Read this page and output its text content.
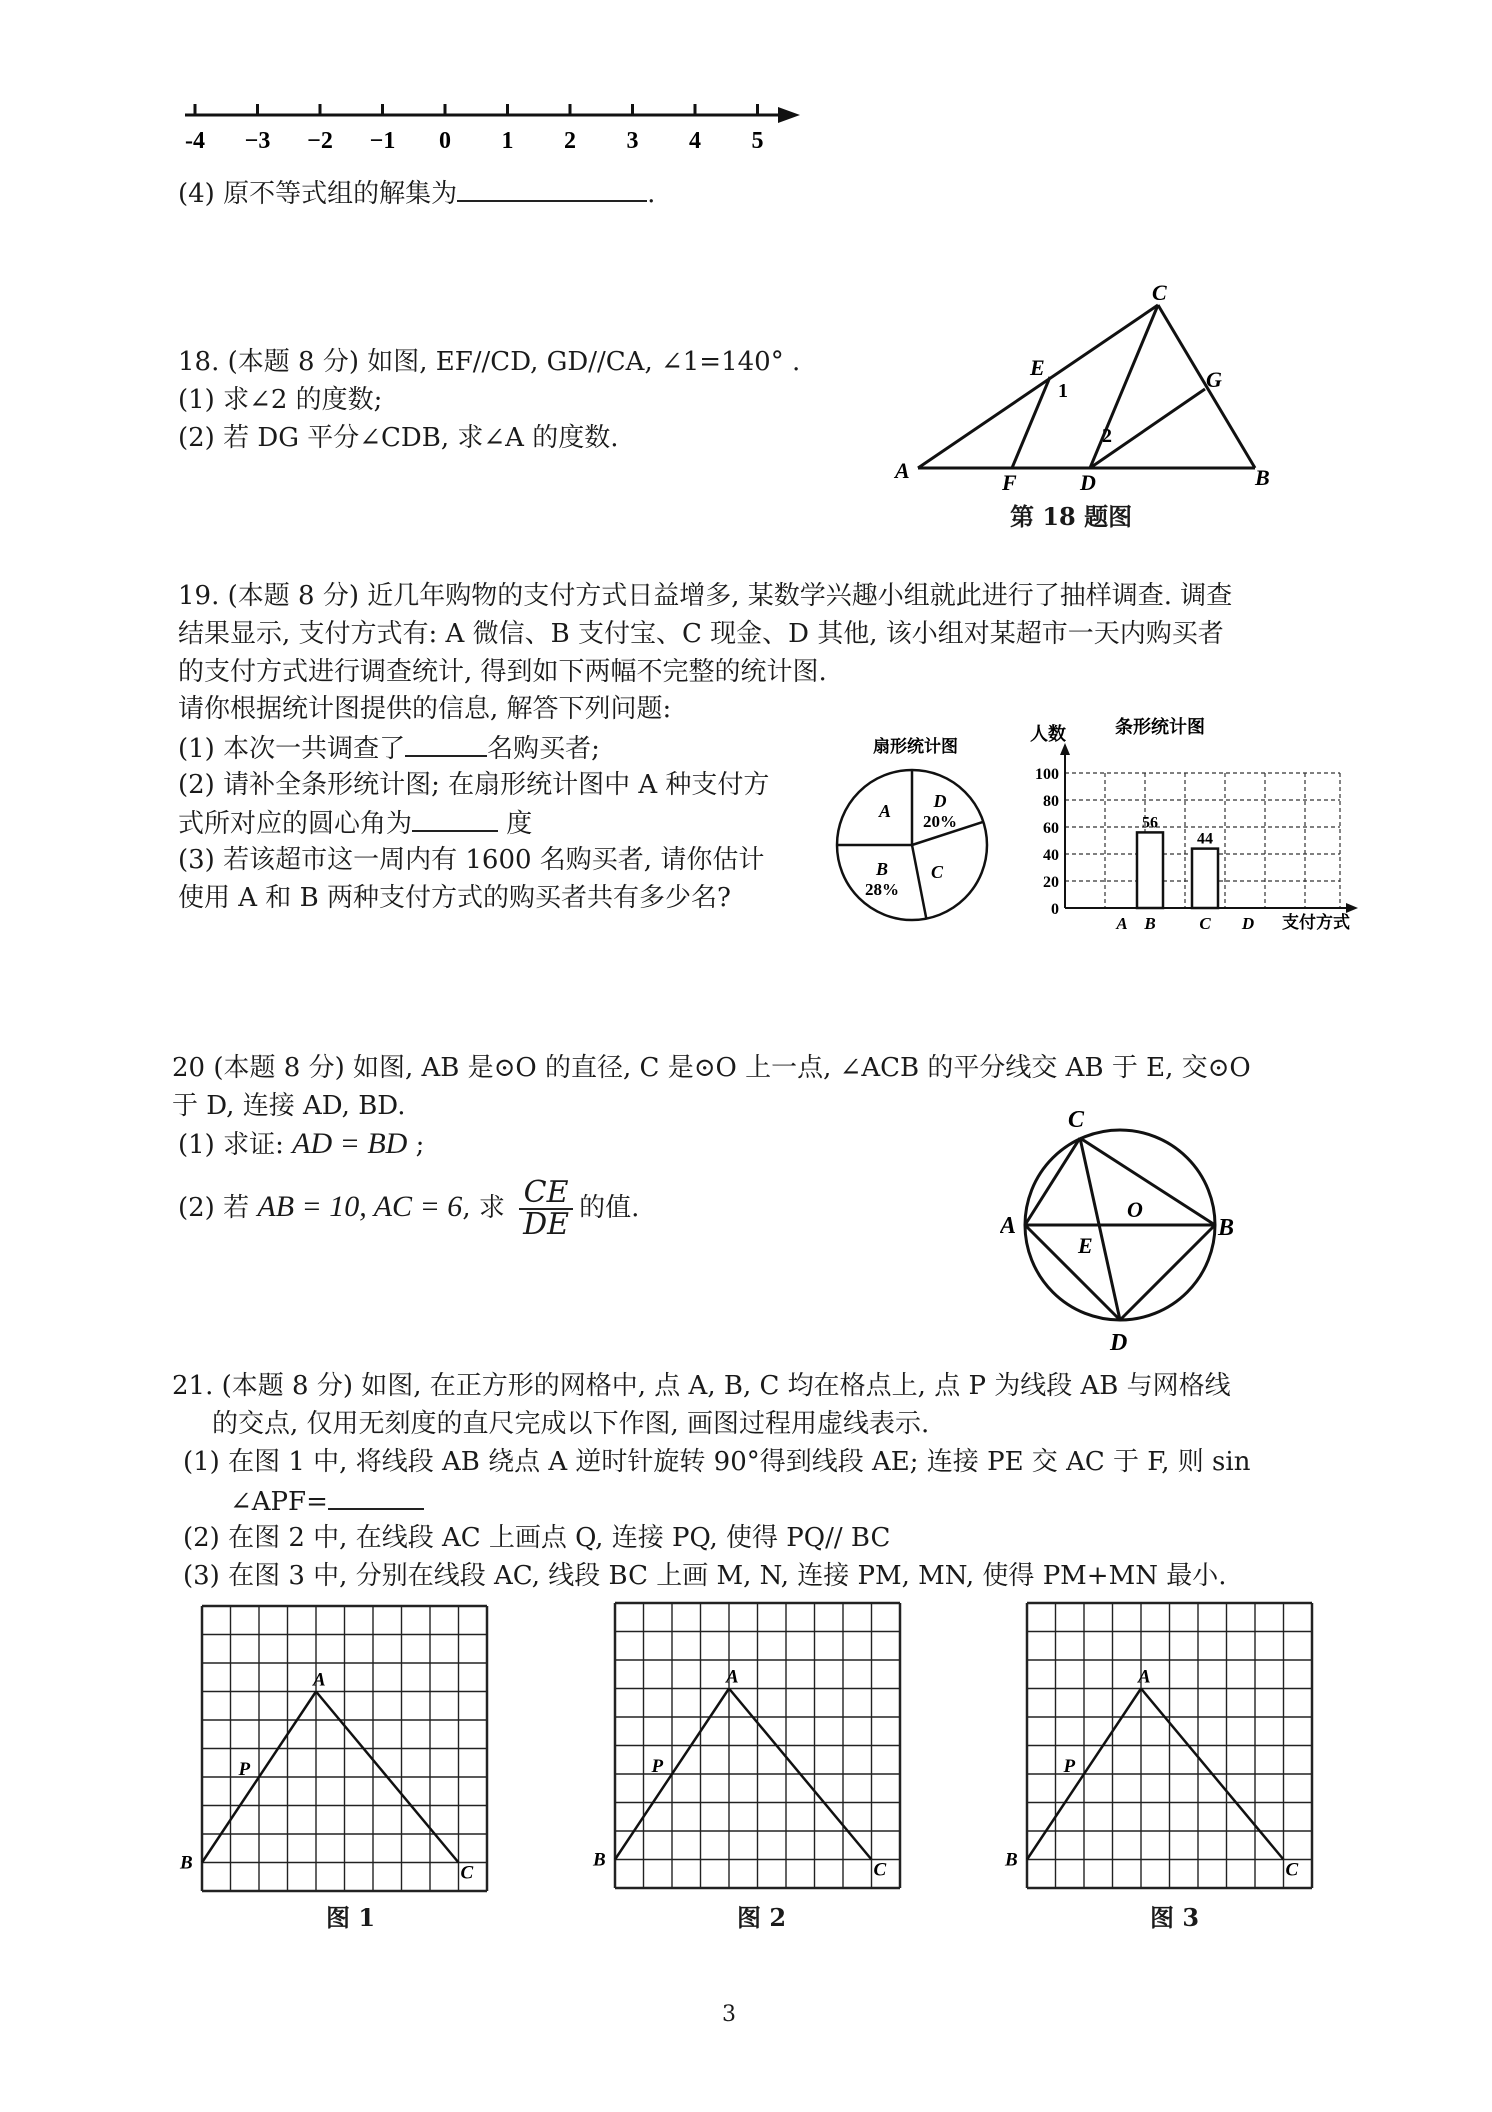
-4 −3 −2 −1 0 1 2 3 4 5
(4) 原不等式组的解集为	.
18. (本题 8 分) 如图, EF//CD, GD//CA, ∠1=140° .
(1) 求∠2 的度数;
(2) 若 DG 平分∠CDB, 求∠A 的度数.
A	B
C
D
E
F
G
1
2
第 18 题图
19. (本题 8 分) 近几年购物的支付方式日益增多, 某数学兴趣小组就此进行了抽样调查. 调查
结果显示, 支付方式有: A 微信、B 支付宝、C 现金、D 其他, 该小组对某超市一天内购买者
的支付方式进行调查统计, 得到如下两幅不完整的统计图.
请你根据统计图提供的信息, 解答下列问题:
(1) 本次一共调查了	名购买者;
(2) 请补全条形统计图; 在扇形统计图中 A 种支付方
式所对应的圆心角为	度
(3) 若该超市这一周内有 1600 名购买者, 请你估计
使用 A 和 B 两种支付方式的购买者共有多少名?
扇形统计图
A D
20%
C
B
28%
条形统计图
人数
支付方式
0
20
40
60
80
100
A B	C D
56
44
20 (本题 8 分) 如图, AB 是⊙O 的直径, C 是⊙O 上一点, ∠ACB 的平分线交 AB 于 E, 交⊙O
于 D, 连接 AD, BD.
(1) 求证: AD = BD ;
(2) 若 AB = 10, AC = 6, 求 $\frac{CE}{DE}$ 的值.
C
A	B
D
E
O
21. (本题 8 分) 如图, 在正方形的网格中, 点 A, B, C 均在格点上, 点 P 为线段 AB 与网格线
的交点, 仅用无刻度的直尺完成以下作图, 画图过程用虚线表示.
(1) 在图 1 中, 将线段 AB 绕点 A 逆时针旋转 90°得到线段 AE; 连接 PE 交 AC 于 F, 则 sin
∠APF=
(2) 在图 2 中, 在线段 AC 上画点 Q, 连接 PQ, 使得 PQ// BC
(3) 在图 3 中, 分别在线段 AC, 线段 BC 上画 M, N, 连接 PM, MN, 使得 PM+MN 最小.
A
B	C
P
A
B	C
P
A
B	C
P
图 1	图 2	图 3
3
